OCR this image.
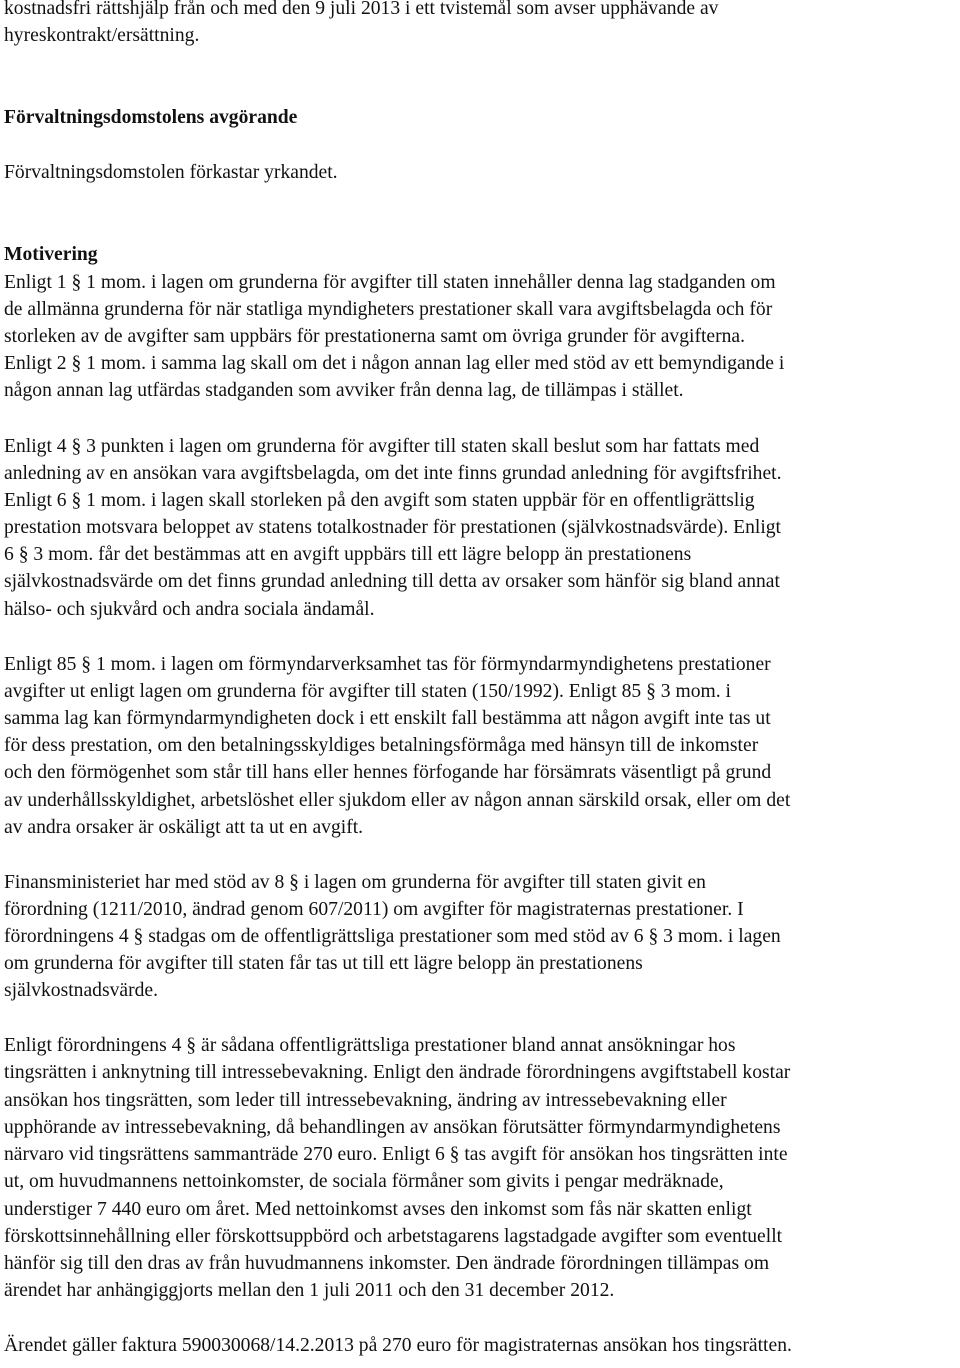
kostnadsfri rättshjälp från och med den 9 juli 2013 i ett tvistemål som avser upphävande av
hyreskontrakt/ersättning.
Förvaltningsdomstolens avgörande
Förvaltningsdomstolen förkastar yrkandet.
Motivering
Enligt 1 § 1 mom. i lagen om grunderna för avgifter till staten innehåller denna lag stadganden om
de allmänna grunderna för när statliga myndigheters prestationer skall vara avgiftsbelagda och för
storleken av de avgifter sam uppbärs för prestationerna samt om övriga grunder för avgifterna.
Enligt 2 § 1 mom. i samma lag skall om det i någon annan lag eller med stöd av ett bemyndigande i
någon annan lag utfärdas stadganden som avviker från denna lag, de tillämpas i stället.
Enligt 4 § 3 punkten i lagen om grunderna för avgifter till staten skall beslut som har fattats med
anledning av en ansökan vara avgiftsbelagda, om det inte finns grundad anledning för avgiftsfrihet.
Enligt 6 § 1 mom. i lagen skall storleken på den avgift som staten uppbär för en offentligrättslig
prestation motsvara beloppet av statens totalkostnader för prestationen (självkostnadsvärde). Enligt
6 § 3 mom. får det bestämmas att en avgift uppbärs till ett lägre belopp än prestationens
självkostnadsvärde om det finns grundad anledning till detta av orsaker som hänför sig bland annat
hälso- och sjukvård och andra sociala ändamål.
Enligt 85 § 1 mom. i lagen om förmyndarverksamhet tas för förmyndarmyndighetens prestationer
avgifter ut enligt lagen om grunderna för avgifter till staten (150/1992). Enligt 85 § 3 mom. i
samma lag kan förmyndarmyndigheten dock i ett enskilt fall bestämma att någon avgift inte tas ut
för dess prestation, om den betalningsskyldiges betalningsförmåga med hänsyn till de inkomster
och den förmögenhet som står till hans eller hennes förfogande har försämrats väsentligt på grund
av underhållsskyldighet, arbetslöshet eller sjukdom eller av någon annan särskild orsak, eller om det
av andra orsaker är oskäligt att ta ut en avgift.
Finansministeriet har med stöd av 8 § i lagen om grunderna för avgifter till staten givit en
förordning (1211/2010, ändrad genom 607/2011) om avgifter för magistraternas prestationer. I
förordningens 4 § stadgas om de offentligrättsliga prestationer som med stöd av 6 § 3 mom. i lagen
om grunderna för avgifter till staten får tas ut till ett lägre belopp än prestationens
självkostnadsvärde.
Enligt förordningens 4 § är sådana offentligrättsliga prestationer bland annat ansökningar hos
tingsrätten i anknytning till intressebevakning. Enligt den ändrade förordningens avgiftstabell kostar
ansökan hos tingsrätten, som leder till intressebevakning, ändring av intressebevakning eller
upphörande av intressebevakning, då behandlingen av ansökan förutsätter förmyndarmyndighetens
närvaro vid tingsrättens sammanträde 270 euro. Enligt 6 § tas avgift för ansökan hos tingsrätten inte
ut, om huvudmannens nettoinkomster, de sociala förmåner som givits i pengar medräknade,
understiger 7 440 euro om året. Med nettoinkomst avses den inkomst som fås när skatten enligt
förskottsinnehållning eller förskottsuppbörd och arbetstagarens lagstadgade avgifter som eventuellt
hänför sig till den dras av från huvudmannens inkomster. Den ändrade förordningen tillämpas om
ärendet har anhängiggjorts mellan den 1 juli 2011 och den 31 december 2012.
Ärendet gäller faktura 590030068/14.2.2013 på 270 euro för magistraternas ansökan hos tingsrätten.
